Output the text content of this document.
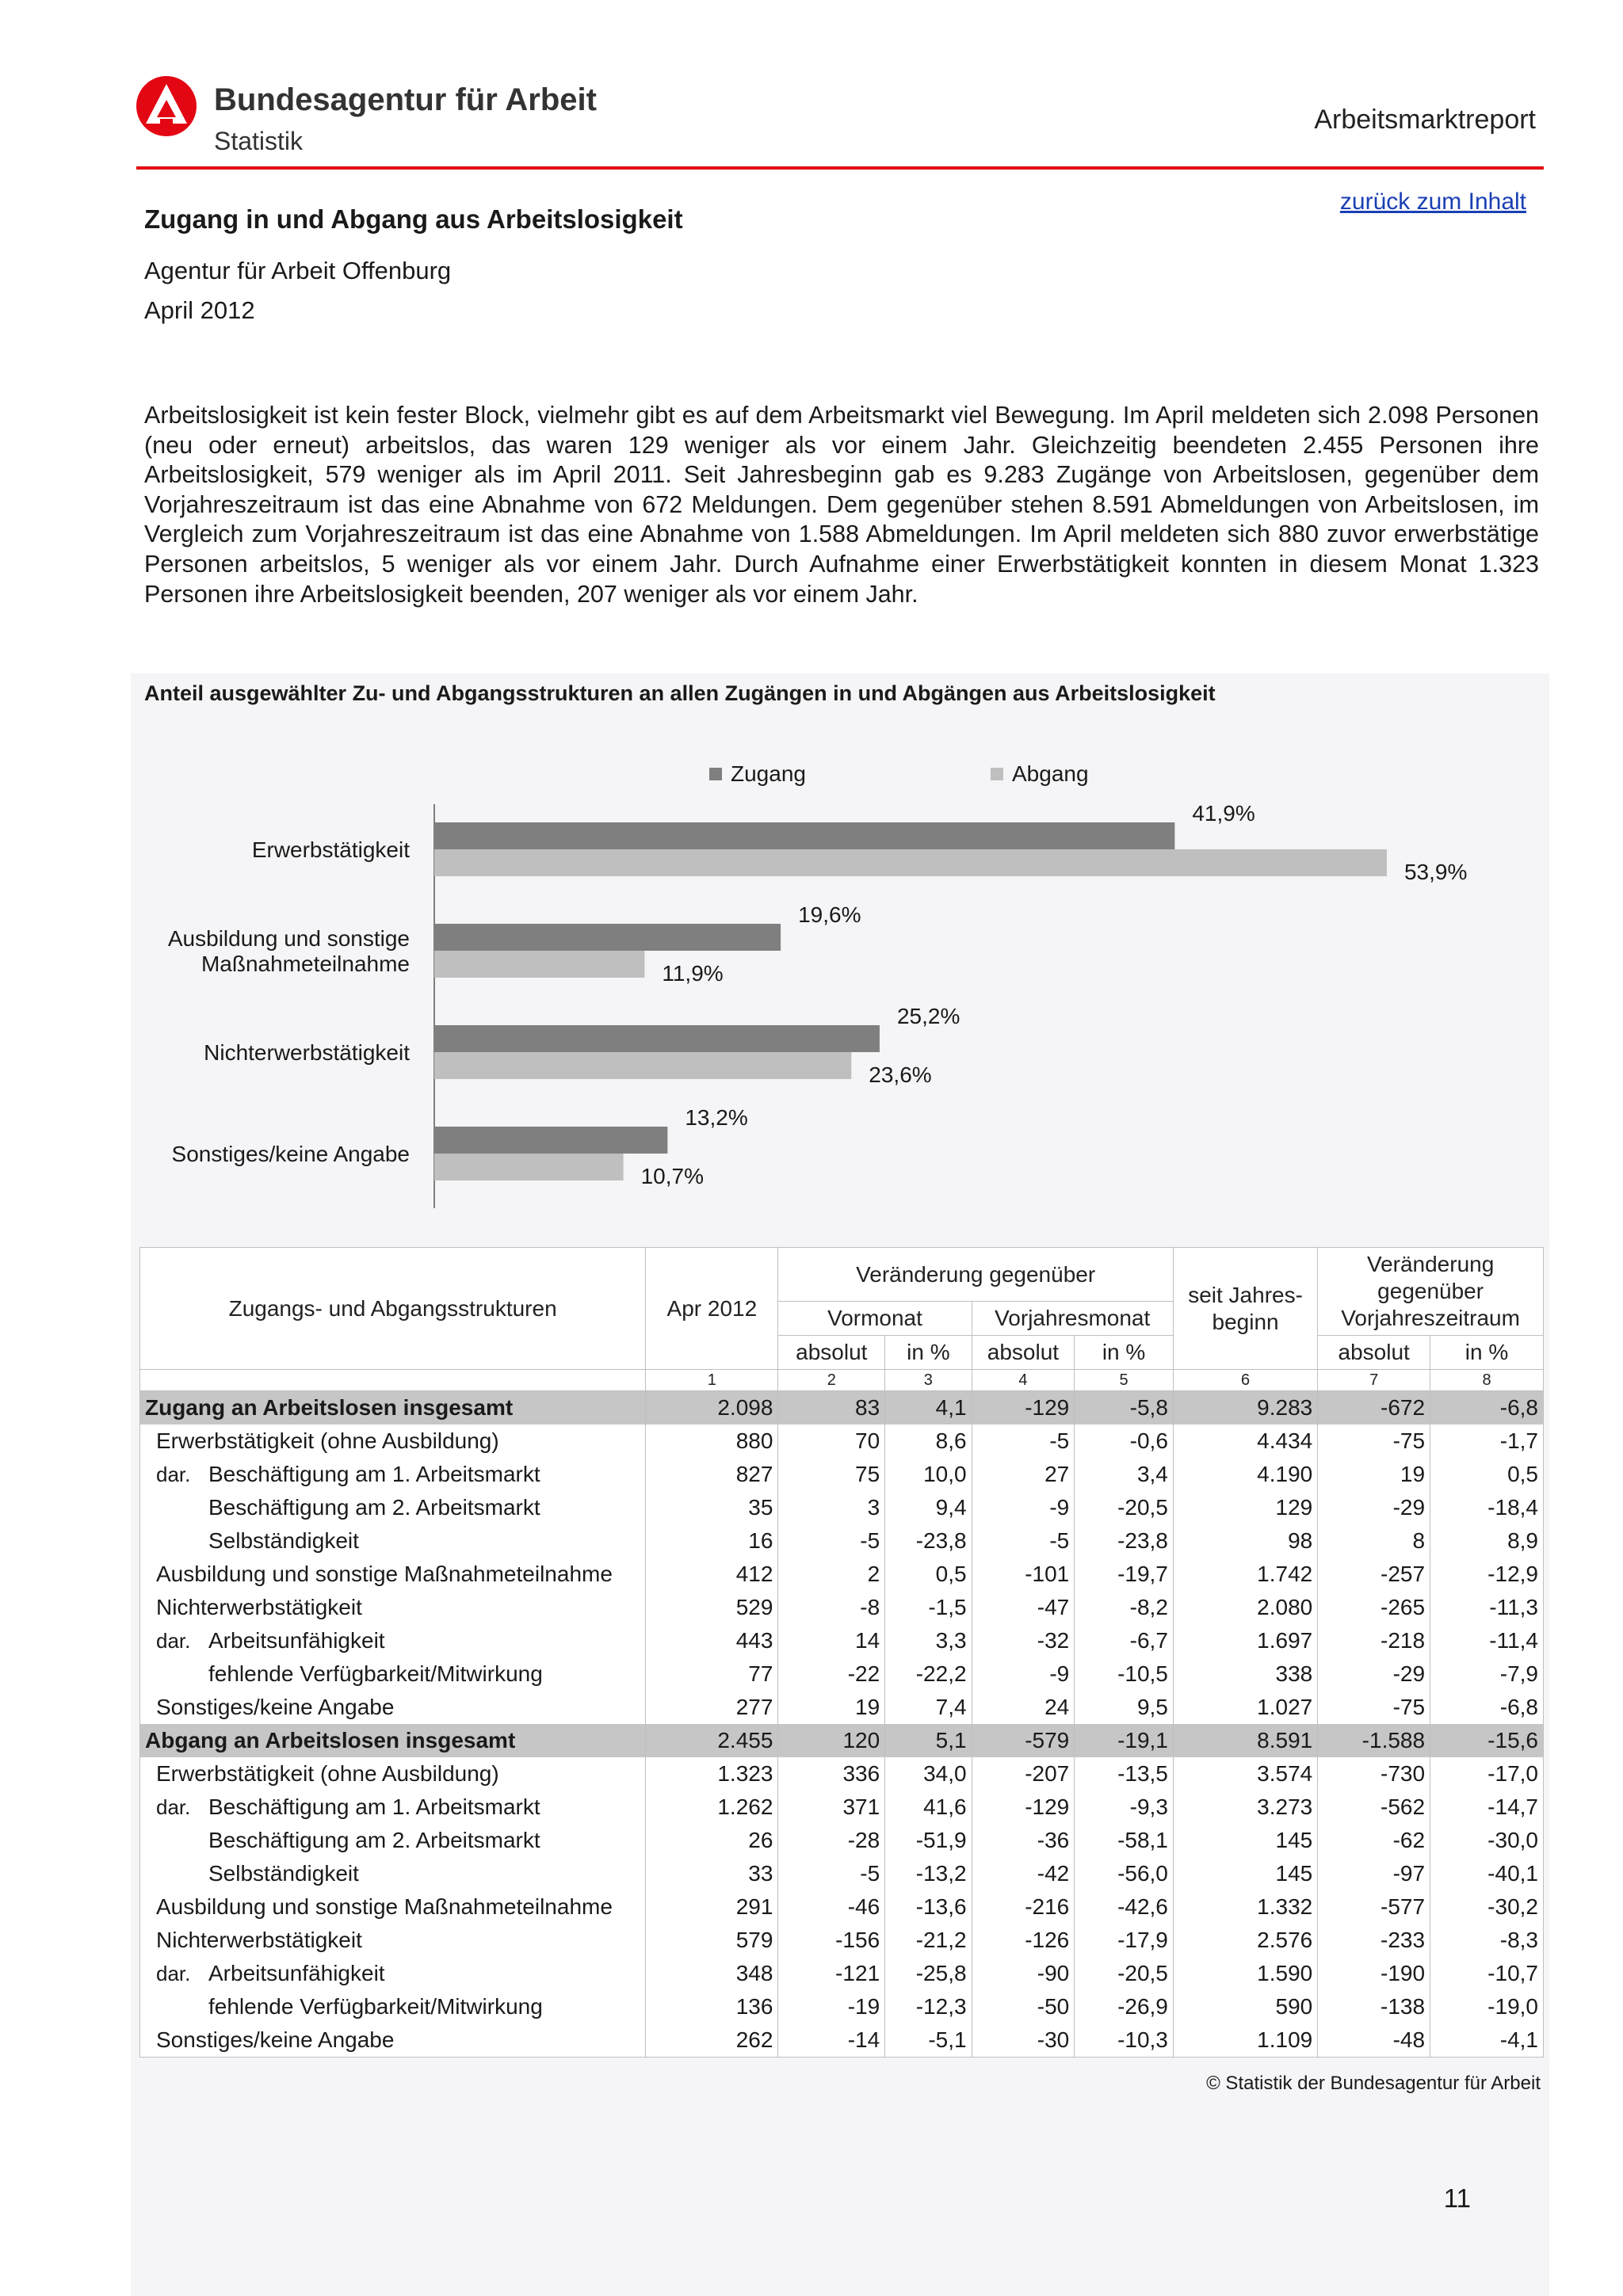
Bundesagentur für Arbeit
Statistik
Arbeitsmarktreport
zurück zum Inhalt
Zugang in und Abgang aus Arbeitslosigkeit
Agentur für Arbeit Offenburg
April 2012
Arbeitslosigkeit ist kein fester Block, vielmehr gibt es auf dem Arbeitsmarkt viel Bewegung. Im April meldeten sich 2.098 Personen (neu oder erneut) arbeitslos, das waren 129 weniger als vor einem Jahr. Gleichzeitig beendeten 2.455 Personen ihre Arbeitslosigkeit, 579 weniger als im April 2011. Seit Jahresbeginn gab es 9.283 Zugänge von Arbeitslosen, gegenüber dem Vorjahreszeitraum ist das eine Abnahme von 672 Meldungen. Dem gegenüber stehen 8.591 Abmeldungen von Arbeitslosen, im Vergleich zum Vorjahreszeitraum ist das eine Abnahme von 1.588 Abmeldungen. Im April meldeten sich 880 zuvor erwerbstätige Personen arbeitslos, 5 weniger als vor einem Jahr. Durch Aufnahme einer Erwerbstätigkeit konnten in diesem Monat 1.323 Personen ihre Arbeitslosigkeit beenden, 207 weniger als vor einem Jahr.
Anteil ausgewählter Zu- und Abgangsstrukturen an allen Zugängen in und Abgängen aus Arbeitslosigkeit
Zugang	Abgang
41,9%
53,9%
Erwerbstätigkeit
19,6%
11,9%
Ausbildung und sonstige
Maßnahmeteilnahme
25,2%
23,6%
Nichterwerbstätigkeit
13,2%
10,7%
Sonstiges/keine Angabe
Zugangs- und Abgangsstrukturen	Apr 2012	Veränderung gegenüber				seit Jahres-beginn	Veränderung gegenüber Vorjahreszeitraum	
		Vormonat		Vorjahresmonat				
		absolut	in %	absolut	in %		absolut	in %
	1	2	3	4	5	6	7	8
Zugang an Arbeitslosen insgesamt	2.098	83	4,1	-129	-5,8	9.283	-672	-6,8
Erwerbstätigkeit (ohne Ausbildung)	880	70	8,6	-5	-0,6	4.434	-75	-1,7
dar. Beschäftigung am 1. Arbeitsmarkt	827	75	10,0	27	3,4	4.190	19	0,5
Beschäftigung am 2. Arbeitsmarkt	35	3	9,4	-9	-20,5	129	-29	-18,4
Selbständigkeit	16	-5	-23,8	-5	-23,8	98	8	8,9
Ausbildung und sonstige Maßnahmeteilnahme	412	2	0,5	-101	-19,7	1.742	-257	-12,9
Nichterwerbstätigkeit	529	-8	-1,5	-47	-8,2	2.080	-265	-11,3
dar. Arbeitsunfähigkeit	443	14	3,3	-32	-6,7	1.697	-218	-11,4
fehlende Verfügbarkeit/Mitwirkung	77	-22	-22,2	-9	-10,5	338	-29	-7,9
Sonstiges/keine Angabe	277	19	7,4	24	9,5	1.027	-75	-6,8
Abgang an Arbeitslosen insgesamt	2.455	120	5,1	-579	-19,1	8.591	-1.588	-15,6
Erwerbstätigkeit (ohne Ausbildung)	1.323	336	34,0	-207	-13,5	3.574	-730	-17,0
dar. Beschäftigung am 1. Arbeitsmarkt	1.262	371	41,6	-129	-9,3	3.273	-562	-14,7
Beschäftigung am 2. Arbeitsmarkt	26	-28	-51,9	-36	-58,1	145	-62	-30,0
Selbständigkeit	33	-5	-13,2	-42	-56,0	145	-97	-40,1
Ausbildung und sonstige Maßnahmeteilnahme	291	-46	-13,6	-216	-42,6	1.332	-577	-30,2
Nichterwerbstätigkeit	579	-156	-21,2	-126	-17,9	2.576	-233	-8,3
dar. Arbeitsunfähigkeit	348	-121	-25,8	-90	-20,5	1.590	-190	-10,7
fehlende Verfügbarkeit/Mitwirkung	136	-19	-12,3	-50	-26,9	590	-138	-19,0
Sonstiges/keine Angabe	262	-14	-5,1	-30	-10,3	1.109	-48	-4,1
© Statistik der Bundesagentur für Arbeit
11
